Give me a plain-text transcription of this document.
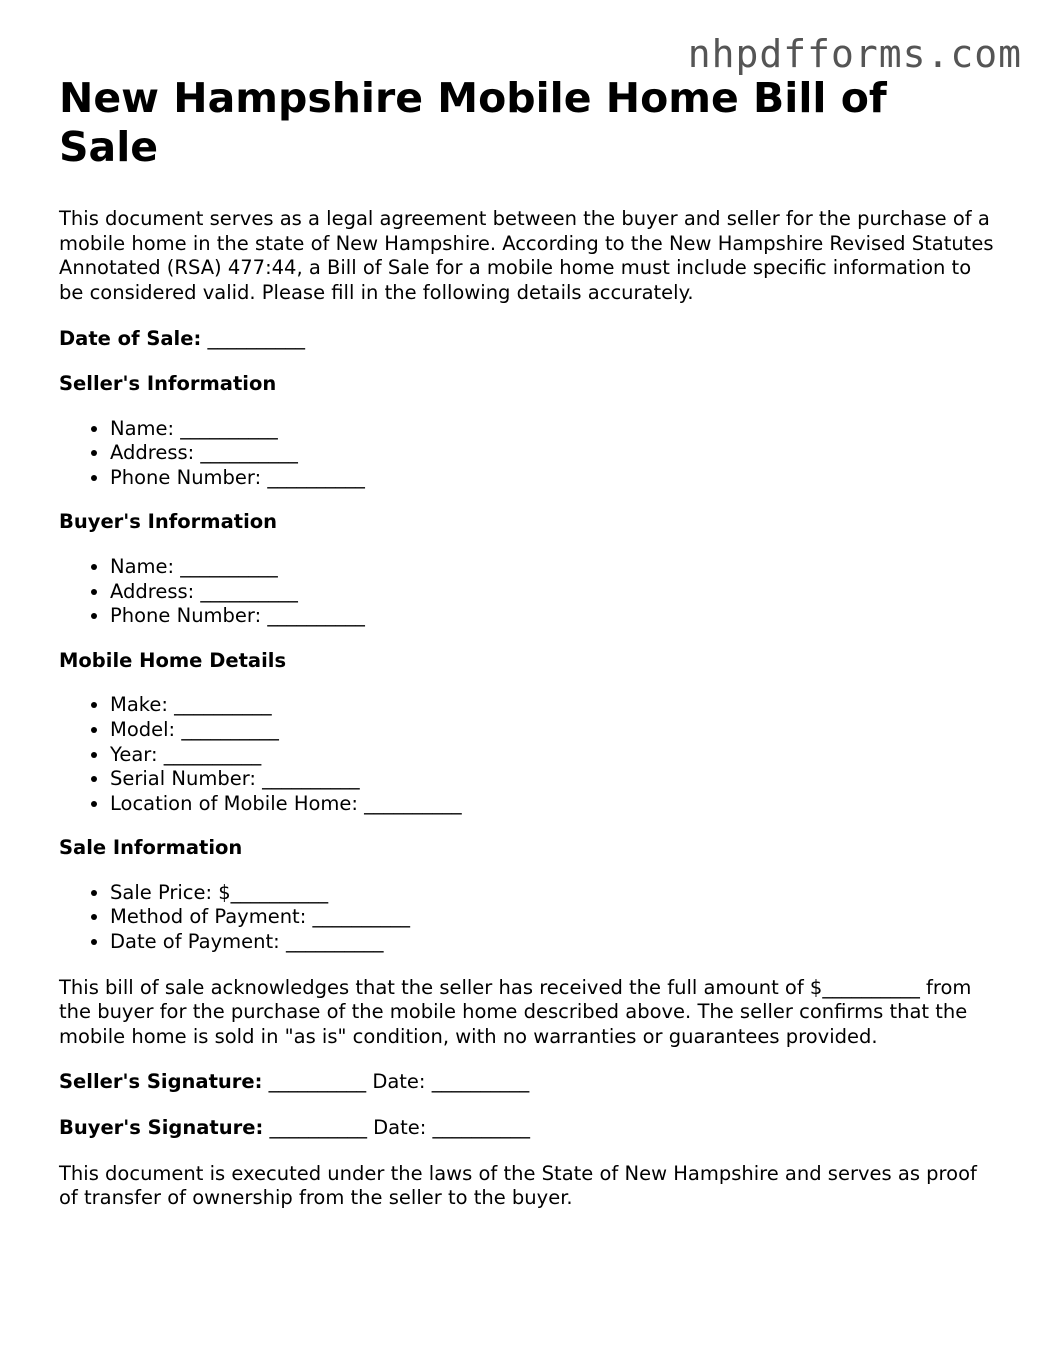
nhpdfforms.com
New Hampshire Mobile Home Bill of Sale

This document serves as a legal agreement between the buyer and seller for the purchase of a mobile home in the state of New Hampshire. According to the New Hampshire Revised Statutes Annotated (RSA) 477:44, a Bill of Sale for a mobile home must include specific information to be considered valid. Please fill in the following details accurately.

Date of Sale: __________

Seller's Information
• Name: __________
• Address: __________
• Phone Number: __________
Buyer's Information
• Name: __________
• Address: __________
• Phone Number: __________
Mobile Home Details
• Make: __________
• Model: __________
• Year: __________
• Serial Number: __________
• Location of Mobile Home: __________
Sale Information
• Sale Price: $__________
• Method of Payment: __________
• Date of Payment: __________

This bill of sale acknowledges that the seller has received the full amount of $__________ from the buyer for the purchase of the mobile home described above. The seller confirms that the mobile home is sold in "as is" condition, with no warranties or guarantees provided.

Seller's Signature: __________ Date: __________

Buyer's Signature: __________ Date: __________

This document is executed under the laws of the State of New Hampshire and serves as proof of transfer of ownership from the seller to the buyer.
